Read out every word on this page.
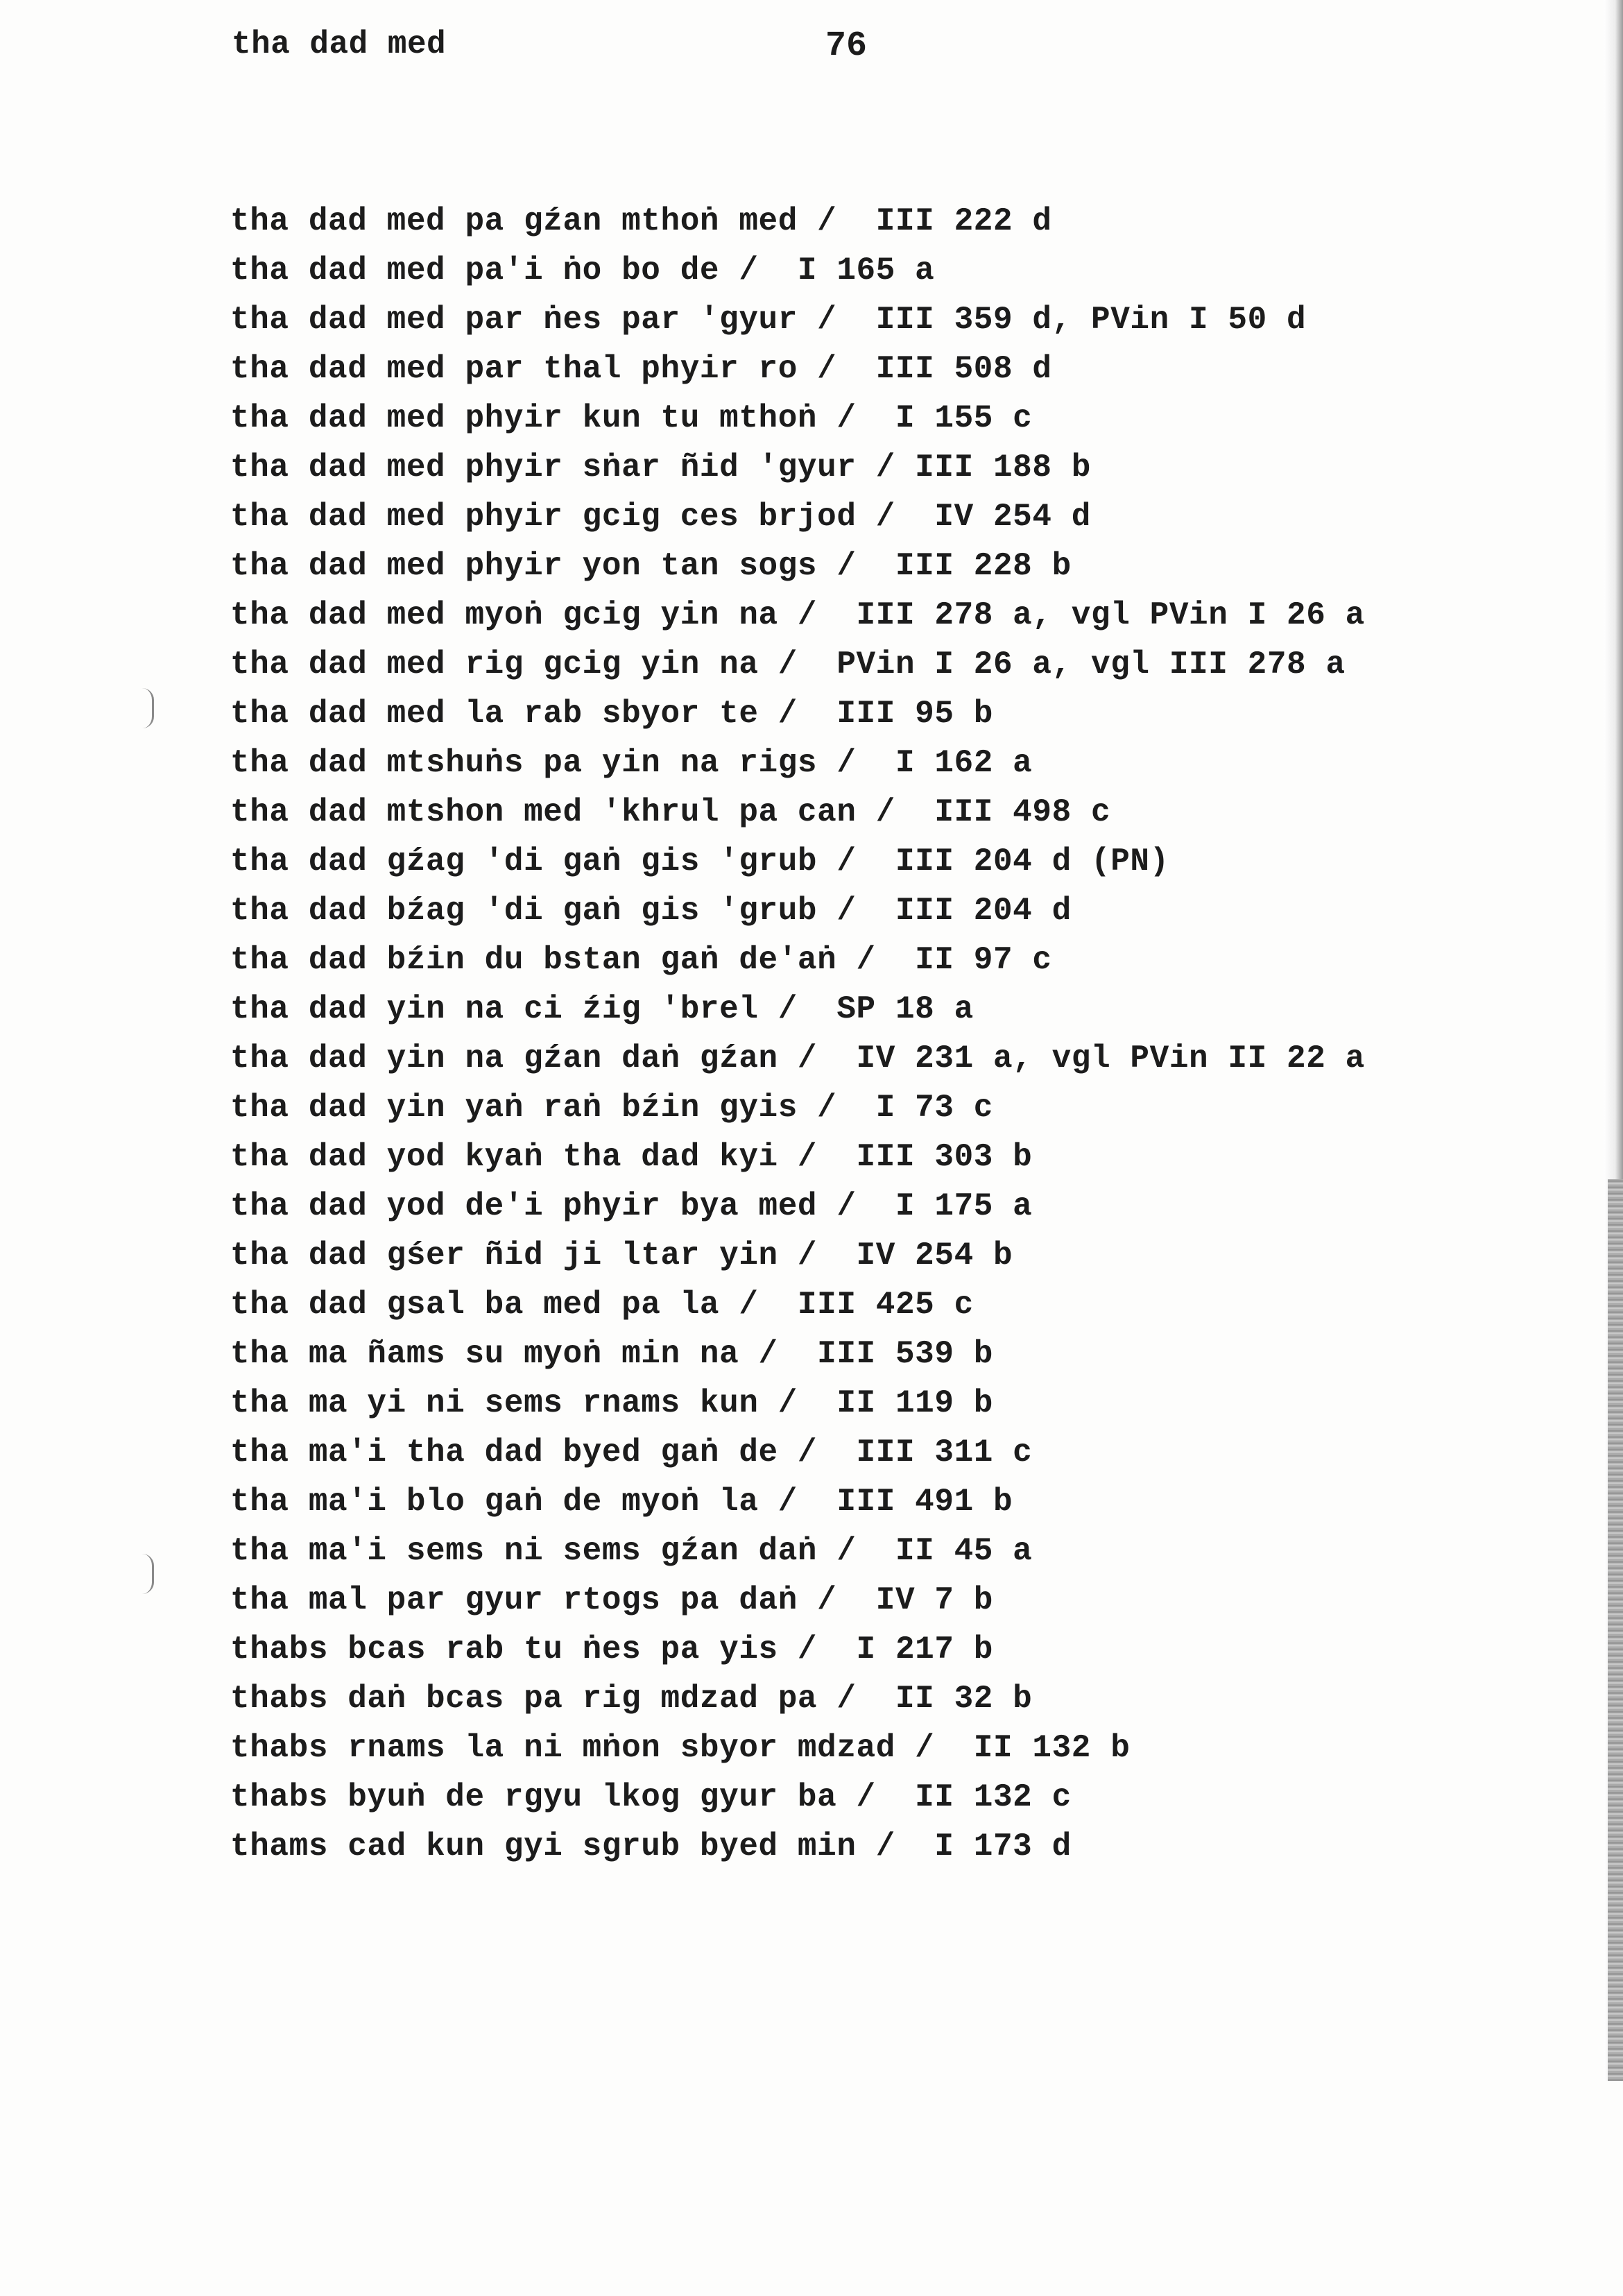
tha dad med	76
tha dad med pa gźan mthoṅ med /  III 222 d
tha dad med pa'i ṅo bo de /  I 165 a
tha dad med par ṅes par 'gyur /  III 359 d, PVin I 50 d
tha dad med par thal phyir ro /  III 508 d
tha dad med phyir kun tu mthoṅ /  I 155 c
tha dad med phyir sṅar ñid 'gyur / III 188 b
tha dad med phyir gcig ces brjod /  IV 254 d
tha dad med phyir yon tan sogs /  III 228 b
tha dad med myoṅ gcig yin na /  III 278 a, vgl PVin I 26 a
tha dad med rig gcig yin na /  PVin I 26 a, vgl III 278 a
tha dad med la rab sbyor te /  III 95 b
tha dad mtshuṅs pa yin na rigs /  I 162 a
tha dad mtshon med 'khrul pa can /  III 498 c
tha dad gźag 'di gaṅ gis 'grub /  III 204 d (PN)
tha dad bźag 'di gaṅ gis 'grub /  III 204 d
tha dad bźin du bstan gaṅ de'aṅ /  II 97 c
tha dad yin na ci źig 'brel /  SP 18 a
tha dad yin na gźan daṅ gźan /  IV 231 a, vgl PVin II 22 a
tha dad yin yaṅ raṅ bźin gyis /  I 73 c
tha dad yod kyaṅ tha dad kyi /  III 303 b
tha dad yod de'i phyir bya med /  I 175 a
tha dad gśer ñid ji ltar yin /  IV 254 b
tha dad gsal ba med pa la /  III 425 c
tha ma ñams su myoṅ min na /  III 539 b
tha ma yi ni sems rnams kun /  II 119 b
tha ma'i tha dad byed gaṅ de /  III 311 c
tha ma'i blo gaṅ de myoṅ la /  III 491 b
tha ma'i sems ni sems gźan daṅ /  II 45 a
tha mal par gyur rtogs pa daṅ /  IV 7 b
thabs bcas rab tu ṅes pa yis /  I 217 b
thabs daṅ bcas pa rig mdzad pa /  II 32 b
thabs rnams la ni mṅon sbyor mdzad /  II 132 b
thabs byuṅ de rgyu lkog gyur ba /  II 132 c
thams cad kun gyi sgrub byed min /  I 173 d
